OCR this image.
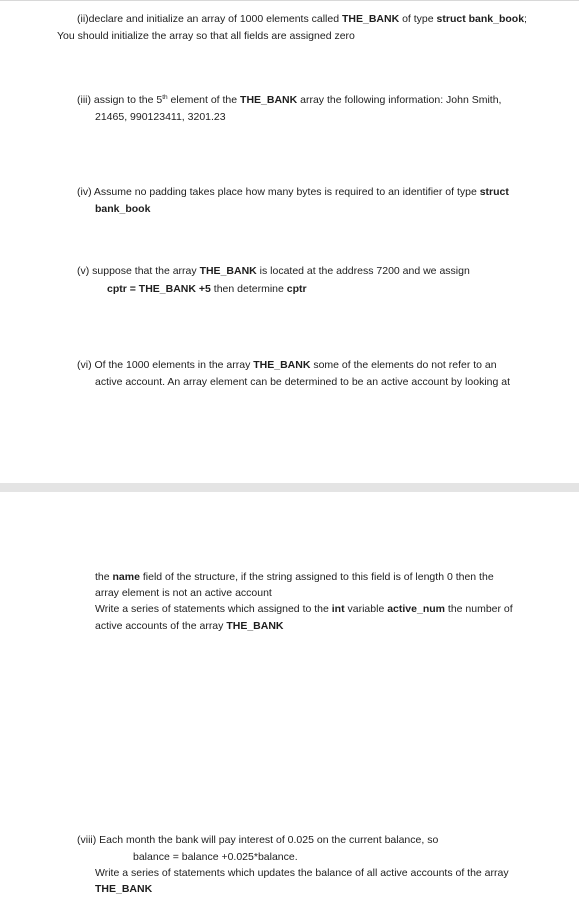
(ii)declare and initialize an array of 1000 elements called THE_BANK of type struct bank_book;
You should initialize the array so that all fields are assigned zero
(iii) assign to the 5th element of the THE_BANK array the following information: John Smith,
21465, 990123411, 3201.23
(iv) Assume no padding takes place how many bytes is required to an identifier of type struct
bank_book
(v) suppose that the array THE_BANK is located at the address 7200 and we assign
cptr = THE_BANK +5 then determine cptr
(vi) Of the 1000 elements in the array THE_BANK some of the elements do not refer to an
active account. An array element can be determined to be an active account by looking at
the name field of the structure, if the string assigned to this field is of length 0 then the
array element is not an active account
Write a series of statements which assigned to the int variable active_num the number of
active accounts of the array THE_BANK
(viii) Each month the bank will pay interest of 0.025 on the current balance, so
balance = balance +0.025*balance.
Write a series of statements which updates the balance of all active accounts of the array
THE_BANK
